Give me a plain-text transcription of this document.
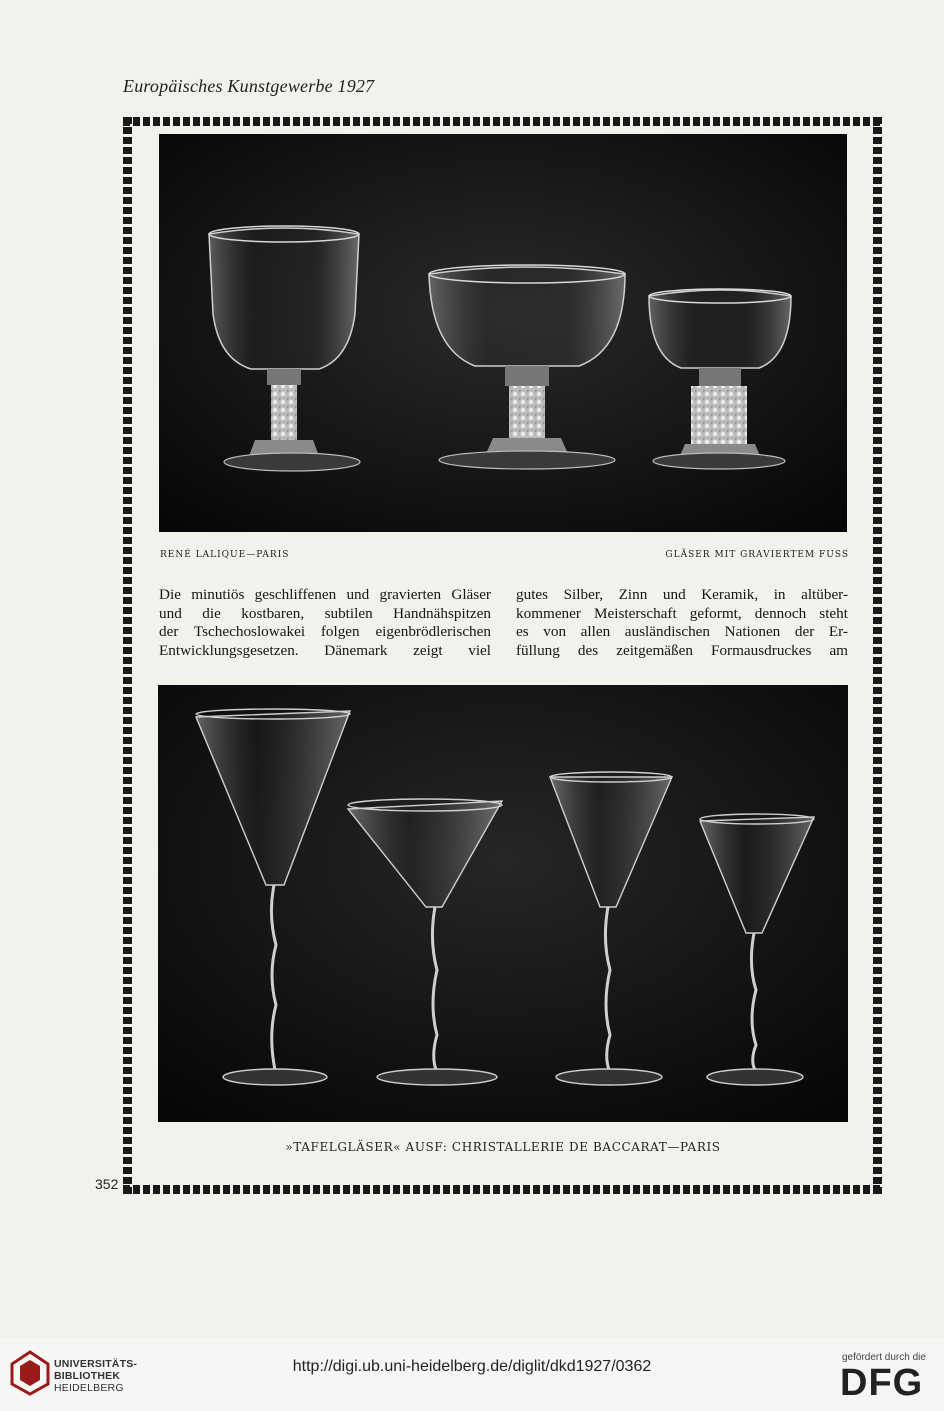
Europäisches Kunstgewerbe 1927
RENÉ LALIQUE—PARIS	GLÄSER MIT GRAVIERTEM FUSS
Die minutiös geschliffenen und gravierten Gläser
und die kostbaren, subtilen Handnähspitzen
der Tschechoslowakei folgen eigenbrödlerischen
Entwicklungsgesetzen. Dänemark zeigt viel
gutes Silber, Zinn und Keramik, in altüber-
kommener Meisterschaft geformt, dennoch steht
es von allen ausländischen Nationen der Er-
füllung des zeitgemäßen Formausdruckes am
»TAFELGLÄSER« AUSF: CHRISTALLERIE DE BACCARAT—PARIS
352
UNIVERSITÄTS-
BIBLIOTHEK
HEIDELBERG
http://digi.ub.uni-heidelberg.de/diglit/dkd1927/0362
gefördert durch die
DFG
